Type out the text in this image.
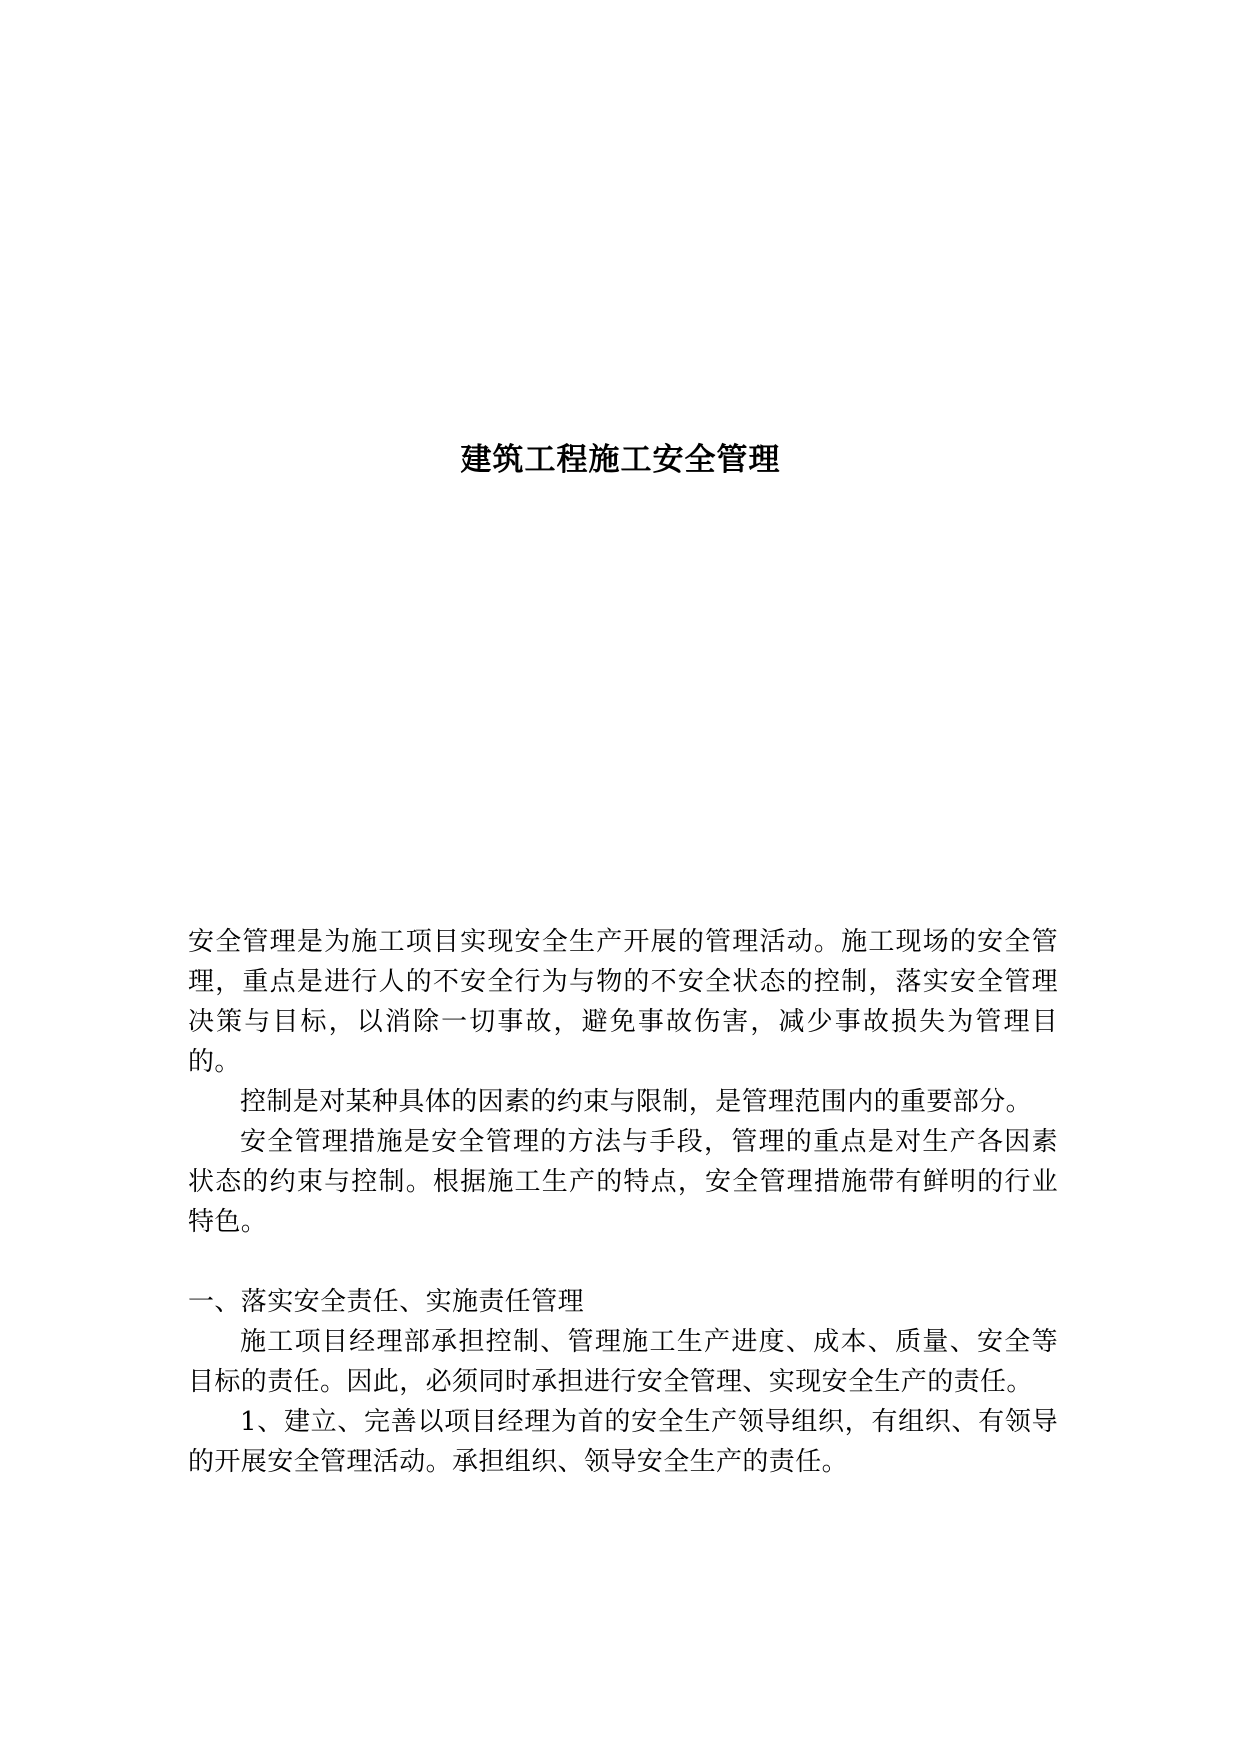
建筑工程施工安全管理

安全管理是为施工项目实现安全生产开展的管理活动。施工现场的安全管理，重点是进行人的不安全行为与物的不安全状态的控制，落实安全管理决策与目标，以消除一切事故，避免事故伤害，减少事故损失为管理目的。

控制是对某种具体的因素的约束与限制，是管理范围内的重要部分。

安全管理措施是安全管理的方法与手段，管理的重点是对生产各因素状态的约束与控制。根据施工生产的特点，安全管理措施带有鲜明的行业特色。

一、落实安全责任、实施责任管理

施工项目经理部承担控制、管理施工生产进度、成本、质量、安全等目标的责任。因此，必须同时承担进行安全管理、实现安全生产的责任。

1、建立、完善以项目经理为首的安全生产领导组织，有组织、有领导的开展安全管理活动。承担组织、领导安全生产的责任。
